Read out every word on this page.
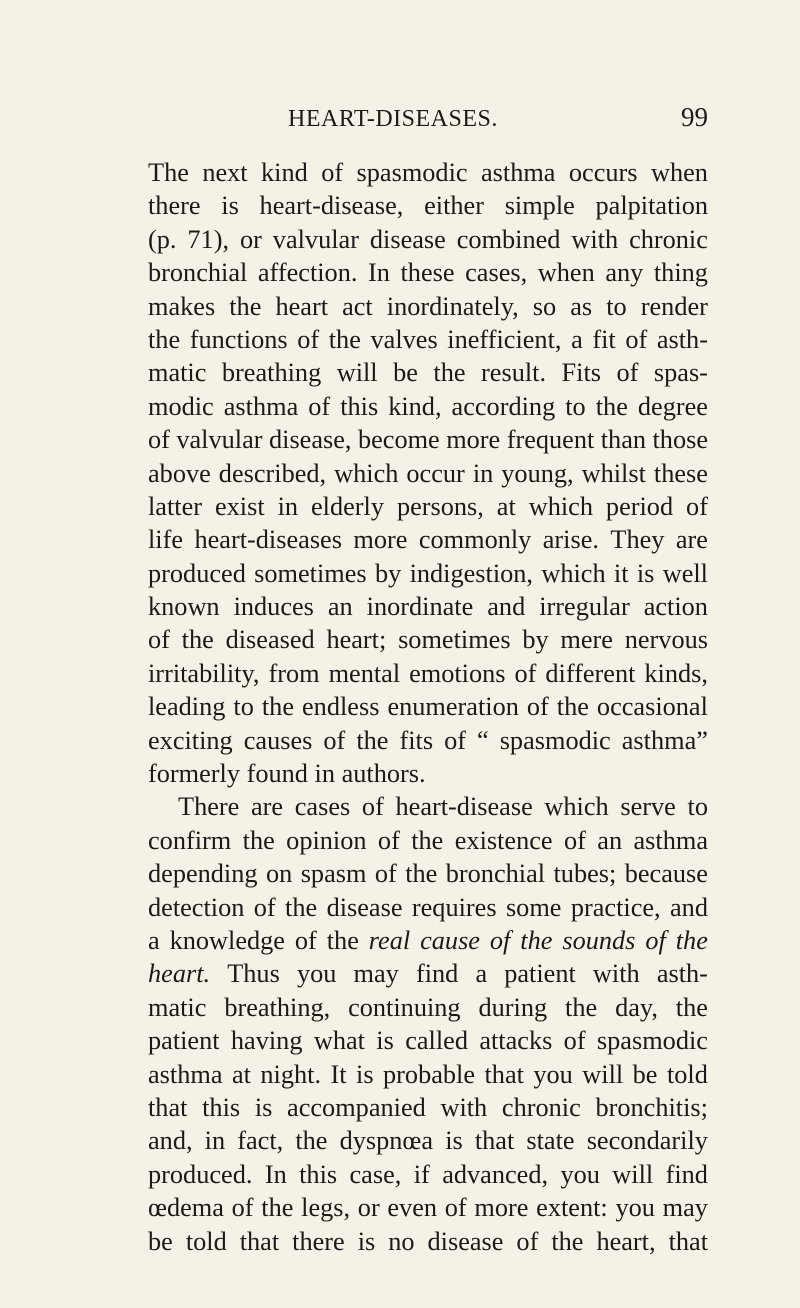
HEART-DISEASES.	99
The next kind of spasmodic asthma occurs when
there is heart-disease, either simple palpitation
(p. 71), or valvular disease combined with chronic
bronchial affection. In these cases, when any thing
makes the heart act inordinately, so as to render
the functions of the valves inefficient, a fit of asth-
matic breathing will be the result. Fits of spas-
modic asthma of this kind, according to the degree
of valvular disease, become more frequent than those
above described, which occur in young, whilst these
latter exist in elderly persons, at which period of
life heart-diseases more commonly arise. They are
produced sometimes by indigestion, which it is well
known induces an inordinate and irregular action
of the diseased heart; sometimes by mere nervous
irritability, from mental emotions of different kinds,
leading to the endless enumeration of the occasional
exciting causes of the fits of “ spasmodic asthma”
formerly
found
in
authors.
There are cases of heart-disease which serve to
confirm the opinion of the existence of an asthma
depending on spasm of the bronchial tubes; because
detection of the disease requires some practice, and
a knowledge of the real cause of the sounds of the
heart. Thus you may find a patient with asth-
matic breathing, continuing during the day, the
patient having what is called attacks of spasmodic
asthma at night. It is probable that you will be told
that this is accompanied with chronic bronchitis;
and, in fact, the dyspnœa is that state secondarily
produced. In this case, if advanced, you will find
œdema of the legs, or even of more extent: you may
be told that there is no disease of the heart, that
